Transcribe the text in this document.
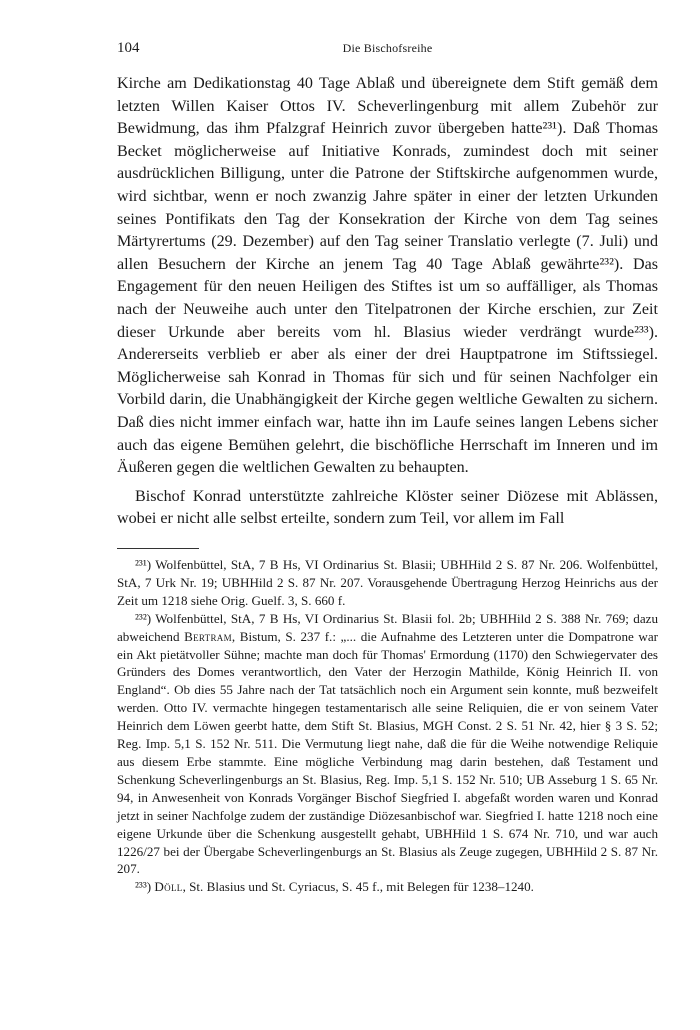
104	Die Bischofsreihe

Kirche am Dedikationstag 40 Tage Ablaß und übereignete dem Stift gemäß dem letzten Willen Kaiser Ottos IV. Scheverlingenburg mit allem Zubehör zur Bewidmung, das ihm Pfalzgraf Heinrich zuvor übergeben hatte²³¹). Daß Thomas Becket möglicherweise auf Initiative Konrads, zumindest doch mit seiner ausdrücklichen Billigung, unter die Patrone der Stiftskirche aufgenommen wurde, wird sichtbar, wenn er noch zwanzig Jahre später in einer der letzten Urkunden seines Pontifikats den Tag der Konsekration der Kirche von dem Tag seines Märtyrertums (29. Dezember) auf den Tag seiner Translatio verlegte (7. Juli) und allen Besuchern der Kirche an jenem Tag 40 Tage Ablaß gewährte²³²). Das Engagement für den neuen Heiligen des Stiftes ist um so auffälliger, als Thomas nach der Neuweihe auch unter den Titelpatronen der Kirche erschien, zur Zeit dieser Urkunde aber bereits vom hl. Blasius wieder verdrängt wurde²³³). Andererseits verblieb er aber als einer der drei Hauptpatrone im Stiftssiegel. Möglicherweise sah Konrad in Thomas für sich und für seinen Nachfolger ein Vorbild darin, die Unabhängigkeit der Kirche gegen weltliche Gewalten zu sichern. Daß dies nicht immer einfach war, hatte ihn im Laufe seines langen Lebens sicher auch das eigene Bemühen gelehrt, die bischöfliche Herrschaft im Inneren und im Äußeren gegen die weltlichen Gewalten zu behaupten.

Bischof Konrad unterstützte zahlreiche Klöster seiner Diözese mit Ablässen, wobei er nicht alle selbst erteilte, sondern zum Teil, vor allem im Fall

²³¹) Wolfenbüttel, StA, 7 B Hs, VI Ordinarius St. Blasii; UBHHild 2 S. 87 Nr. 206. Wolfenbüttel, StA, 7 Urk Nr. 19; UBHHild 2 S. 87 Nr. 207. Vorausgehende Übertragung Herzog Heinrichs aus der Zeit um 1218 siehe Orig. Guelf. 3, S. 660 f.

²³²) Wolfenbüttel, StA, 7 B Hs, VI Ordinarius St. Blasii fol. 2b; UBHHild 2 S. 388 Nr. 769; dazu abweichend Bertram, Bistum, S. 237 f.: „... die Aufnahme des Letzteren unter die Dompatrone war ein Akt pietätvoller Sühne; machte man doch für Thomas' Ermordung (1170) den Schwiegervater des Gründers des Domes verantwortlich, den Vater der Herzogin Mathilde, König Heinrich II. von England“. Ob dies 55 Jahre nach der Tat tatsächlich noch ein Argument sein konnte, muß bezweifelt werden. Otto IV. vermachte hingegen testamentarisch alle seine Reliquien, die er von seinem Vater Heinrich dem Löwen geerbt hatte, dem Stift St. Blasius, MGH Const. 2 S. 51 Nr. 42, hier § 3 S. 52; Reg. Imp. 5,1 S. 152 Nr. 511. Die Vermutung liegt nahe, daß die für die Weihe notwendige Reliquie aus diesem Erbe stammte. Eine mögliche Verbindung mag darin bestehen, daß Testament und Schenkung Scheverlingenburgs an St. Blasius, Reg. Imp. 5,1 S. 152 Nr. 510; UB Asseburg 1 S. 65 Nr. 94, in Anwesenheit von Konrads Vorgänger Bischof Siegfried I. abgefaßt worden waren und Konrad jetzt in seiner Nachfolge zudem der zuständige Diözesanbischof war. Siegfried I. hatte 1218 noch eine eigene Urkunde über die Schenkung ausgestellt gehabt, UBHHild 1 S. 674 Nr. 710, und war auch 1226/27 bei der Übergabe Scheverlingenburgs an St. Blasius als Zeuge zugegen, UBHHild 2 S. 87 Nr. 207.

²³³) Döll, St. Blasius und St. Cyriacus, S. 45 f., mit Belegen für 1238–1240.
